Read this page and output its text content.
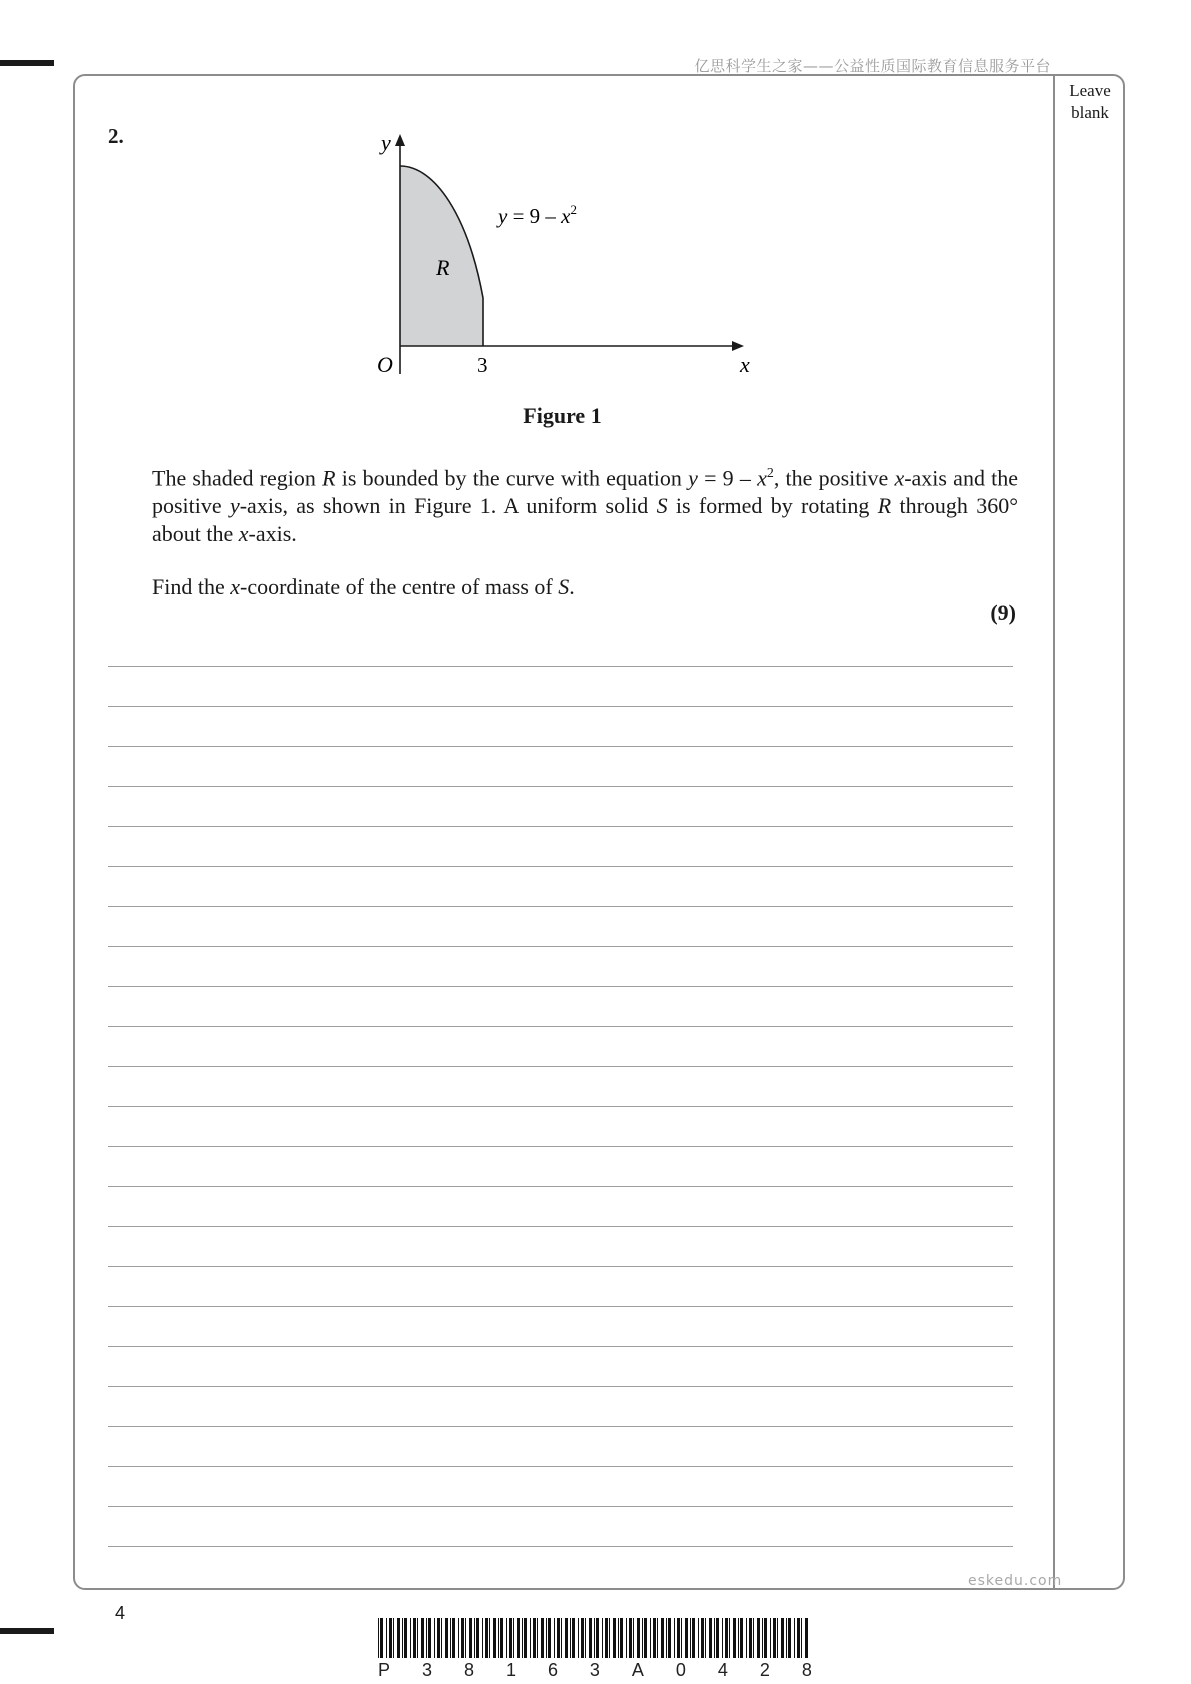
亿思科学生之家——公益性质国际教育信息服务平台
Leave
blank
2.	y
x
O	3
R
$y = 9 - x^2$
Figure 1
The shaded region R is bounded by the curve with equation $y = 9 - x^2$, the positive x-axis and the positive y-axis, as shown in Figure 1. A uniform solid S is formed by rotating R through 360° about the x-axis.
Find the x-coordinate of the centre of mass of S.
(9)
eskedu.com
4
P 3 8 1 6 3 A 0 4 2 8
